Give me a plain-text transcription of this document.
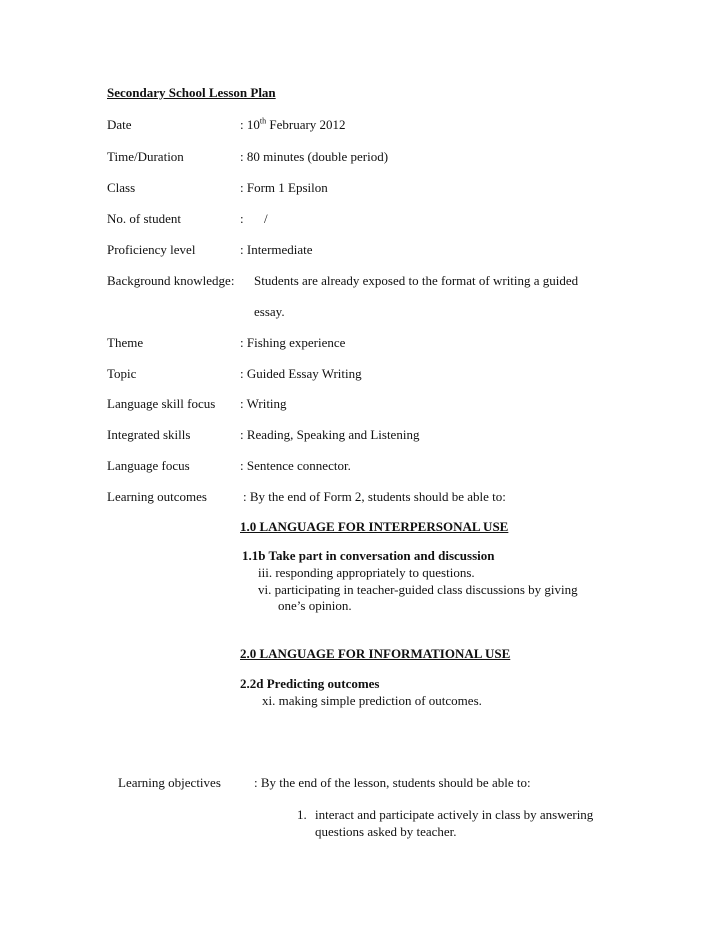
Secondary School Lesson Plan
Date	: 10th February 2012
Time/Duration	: 80 minutes (double period)
Class	: Form 1 Epsilon
No. of student	: /
Proficiency level	: Intermediate
Background knowledge: Students are already exposed to the format of writing a guided
essay.
Theme	: Fishing experience
Topic	: Guided Essay Writing
Language skill focus : Writing
Integrated skills	: Reading, Speaking and Listening
Language focus	: Sentence connector.
Learning outcomes	: By the end of Form 2, students should be able to:
1.0 LANGUAGE FOR INTERPERSONAL USE
1.1b Take part in conversation and discussion
iii. responding appropriately to questions.
vi. participating in teacher-guided class discussions by giving
one’s opinion.
2.0 LANGUAGE FOR INFORMATIONAL USE
2.2d Predicting outcomes
xi. making simple prediction of outcomes.
Learning objectives	: By the end of the lesson, students should be able to:
1. interact and participate actively in class by answering
questions asked by teacher.
